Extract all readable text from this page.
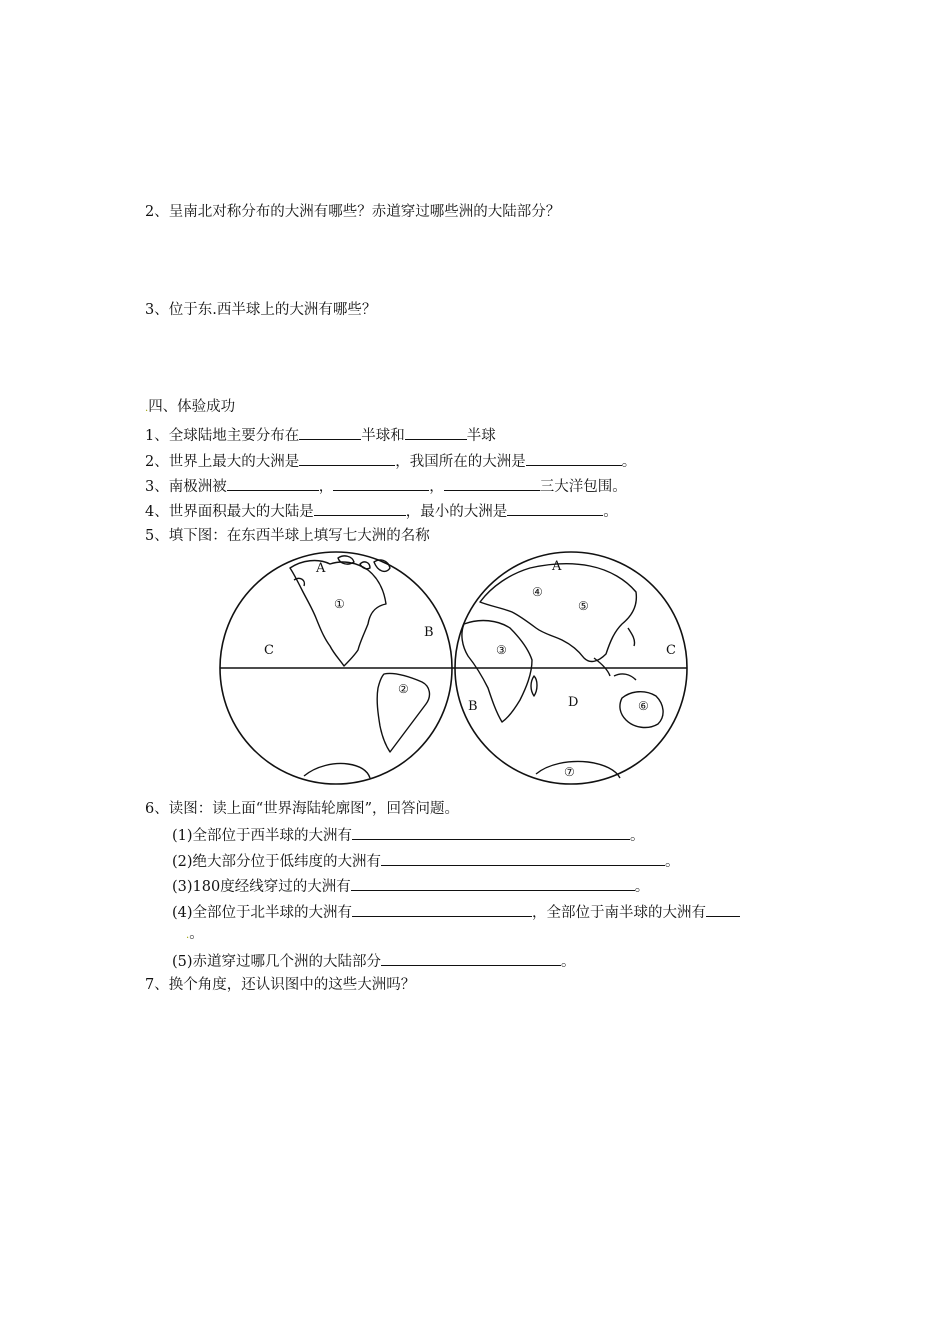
2、呈南北对称分布的大洲有哪些？赤道穿过哪些洲的大陆部分？
3、位于东.西半球上的大洲有哪些？
.四、体验成功
1、全球陆地主要分布在	半球和	半球
2、世界上最大的大洲是	，我国所在的大洲是	。
3、南极洲被	，	，	三大洋包围。
4、世界面积最大的大陆是	，最小的大洲是	。
5、填下图：在东西半球上填写七大洲的名称
A
B
C
①
②
A
B
C
D
③
④
⑤
⑥
⑦
6、读图：读上面“世界海陆轮廓图”，回答问题。
(1)全部位于西半球的大洲有	。
(2)绝大部分位于低纬度的大洲有	。
(3)180度经线穿过的大洲有	。
(4)全部位于北半球的大洲有	，全部位于南半球的大洲有
.。
(5)赤道穿过哪几个洲的大陆部分	。
7、换个角度，还认识图中的这些大洲吗？
